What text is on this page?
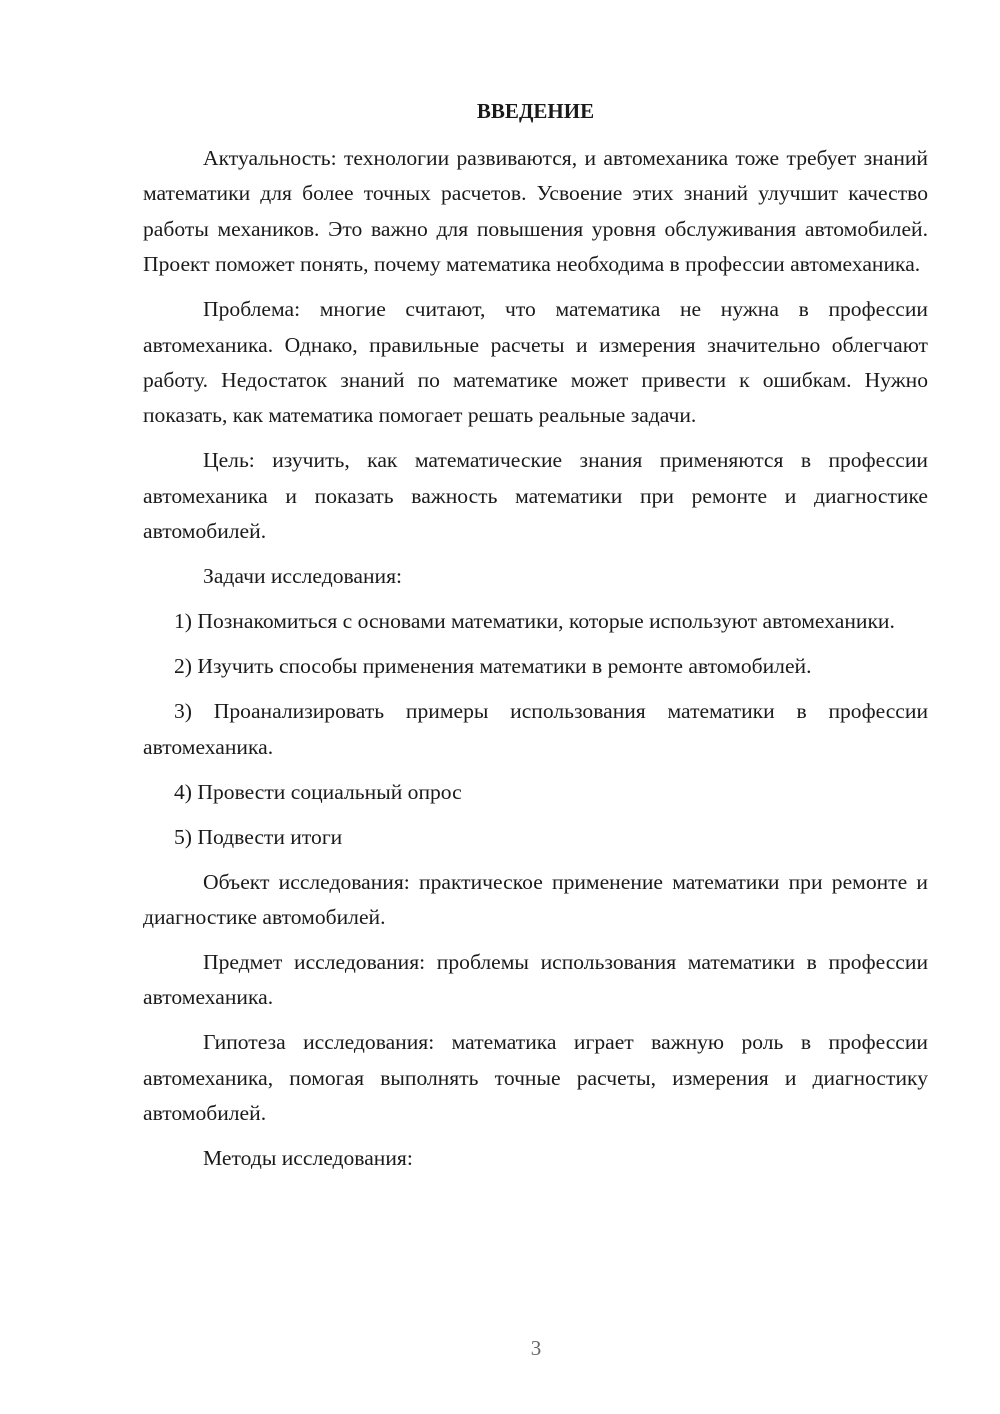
ВВЕДЕНИЕ

Актуальность: технологии развиваются, и автомеханика тоже требует знаний математики для более точных расчетов. Усвоение этих знаний улучшит качество работы механиков. Это важно для повышения уровня обслуживания автомобилей. Проект поможет понять, почему математика необходима в профессии автомеханика.

Проблема: многие считают, что математика не нужна в профессии автомеханика. Однако, правильные расчеты и измерения значительно облегчают работу. Недостаток знаний по математике может привести к ошибкам. Нужно показать, как математика помогает решать реальные задачи.

Цель: изучить, как математические знания применяются в профессии автомеханика и показать важность математики при ремонте и диагностике автомобилей.

Задачи исследования:

1) Познакомиться с основами математики, которые используют автомеханики.

2) Изучить способы применения математики в ремонте автомобилей.

3) Проанализировать примеры использования математики в профессии автомеханика.

4) Провести социальный опрос

5) Подвести итоги

Объект исследования: практическое применение математики при ремонте и диагностике автомобилей.

Предмет исследования: проблемы использования математики в профессии автомеханика.

Гипотеза исследования: математика играет важную роль в профессии автомеханика, помогая выполнять точные расчеты, измерения и диагностику автомобилей.

Методы исследования:

3
